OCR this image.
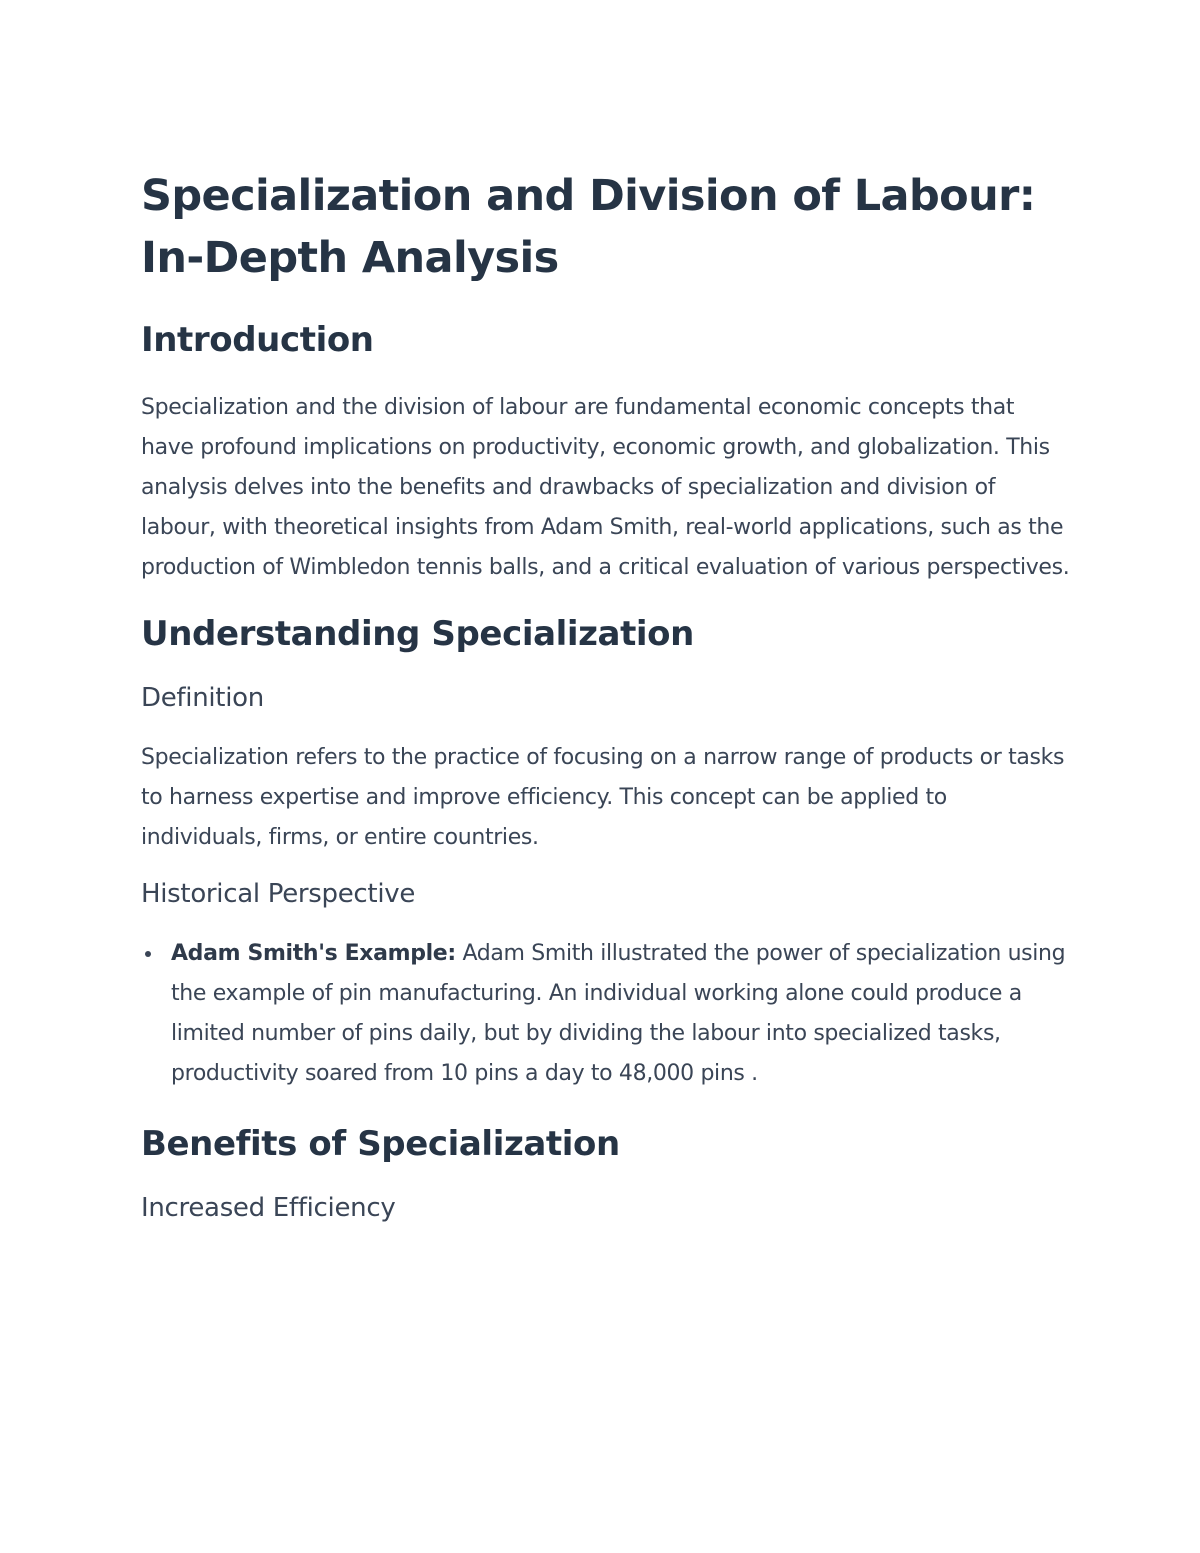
Specialization and Division of Labour: In-Depth Analysis
Introduction

Specialization and the division of labour are fundamental economic concepts that have profound implications on productivity, economic growth, and globalization. This analysis delves into the benefits and drawbacks of specialization and division of labour, with theoretical insights from Adam Smith, real-world applications, such as the production of Wimbledon tennis balls, and a critical evaluation of various perspectives.

Understanding Specialization
Definition

Specialization refers to the practice of focusing on a narrow range of products or tasks to harness expertise and improve efficiency. This concept can be applied to individuals, firms, or entire countries.

Historical Perspective
Adam Smith's Example: Adam Smith illustrated the power of specialization using the example of pin manufacturing. An individual working alone could produce a limited number of pins daily, but by dividing the labour into specialized tasks, productivity soared from 10 pins a day to 48,000 pins .
Benefits of Specialization
Increased Efficiency
